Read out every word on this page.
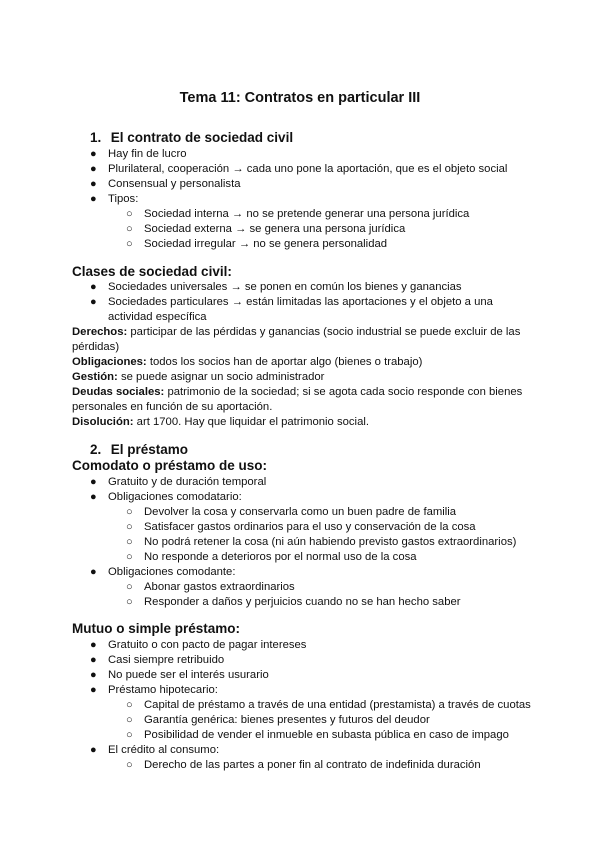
Tema 11: Contratos en particular III
1. El contrato de sociedad civil
● Hay fin de lucro
● Plurilateral, cooperación → cada uno pone la aportación, que es el objeto social
● Consensual y personalista
● Tipos:
○ Sociedad interna → no se pretende generar una persona jurídica
○ Sociedad externa → se genera una persona jurídica
○ Sociedad irregular → no se genera personalidad
Clases de sociedad civil:
● Sociedades universales → se ponen en común los bienes y ganancias
● Sociedades particulares → están limitadas las aportaciones y el objeto a una
actividad específica
Derechos: participar de las pérdidas y ganancias (socio industrial se puede excluir de las
pérdidas)
Obligaciones: todos los socios han de aportar algo (bienes o trabajo)
Gestión: se puede asignar un socio administrador
Deudas sociales: patrimonio de la sociedad; si se agota cada socio responde con bienes
personales en función de su aportación.
Disolución: art 1700. Hay que liquidar el patrimonio social.
2. El préstamo
Comodato o préstamo de uso:
● Gratuito y de duración temporal
● Obligaciones comodatario:
○ Devolver la cosa y conservarla como un buen padre de familia
○ Satisfacer gastos ordinarios para el uso y conservación de la cosa
○ No podrá retener la cosa (ni aún habiendo previsto gastos extraordinarios)
○ No responde a deterioros por el normal uso de la cosa
● Obligaciones comodante:
○ Abonar gastos extraordinarios
○ Responder a daños y perjuicios cuando no se han hecho saber
Mutuo o simple préstamo:
● Gratuito o con pacto de pagar intereses
● Casi siempre retribuido
● No puede ser el interés usurario
● Préstamo hipotecario:
○ Capital de préstamo a través de una entidad (prestamista) a través de cuotas
○ Garantía genérica: bienes presentes y futuros del deudor
○ Posibilidad de vender el inmueble en subasta pública en caso de impago
● El crédito al consumo:
○ Derecho de las partes a poner fin al contrato de indefinida duración
